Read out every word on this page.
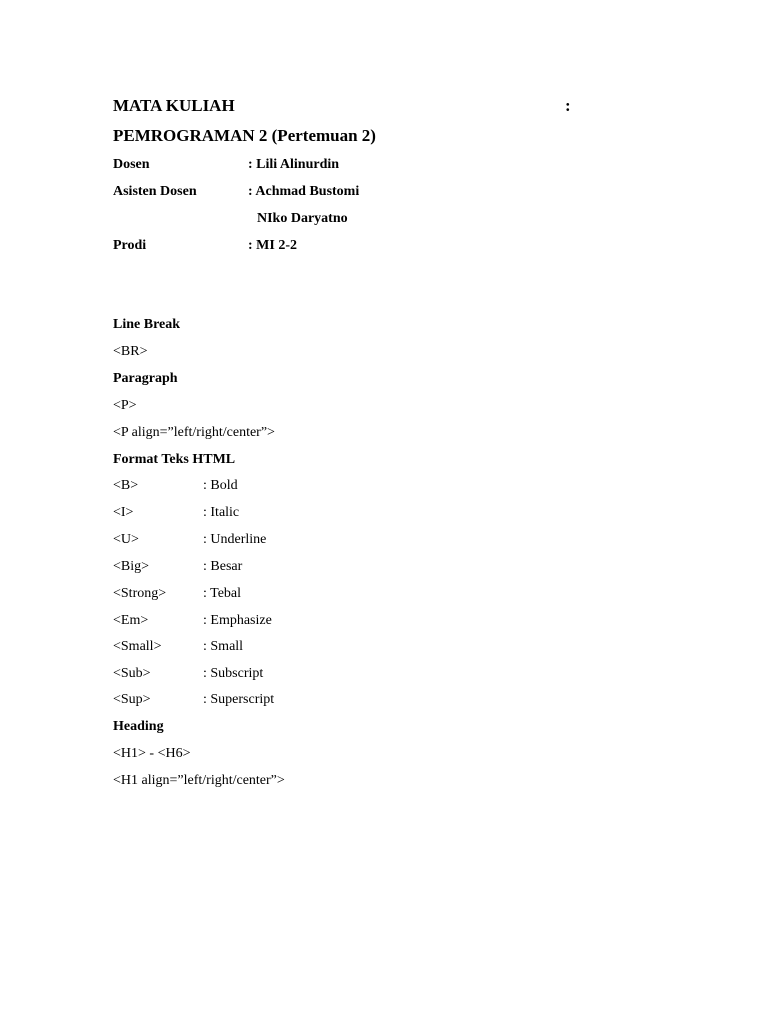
MATA KULIAH	:
PEMROGRAMAN 2 (Pertemuan 2)
Dosen	: Lili Alinurdin
Asisten Dosen	: Achmad Bustomi
NIko Daryatno
Prodi	: MI 2-2
Line Break
<BR>
Paragraph
<P>
<P align=”left/right/center”>
Format Teks HTML
<B>	: Bold
<I>	: Italic
<U>	: Underline
<Big>	: Besar
<Strong>	: Tebal
<Em>	: Emphasize
<Small>	: Small
<Sub>	: Subscript
<Sup>	: Superscript
Heading
<H1> - <H6>
<H1 align=”left/right/center”>
